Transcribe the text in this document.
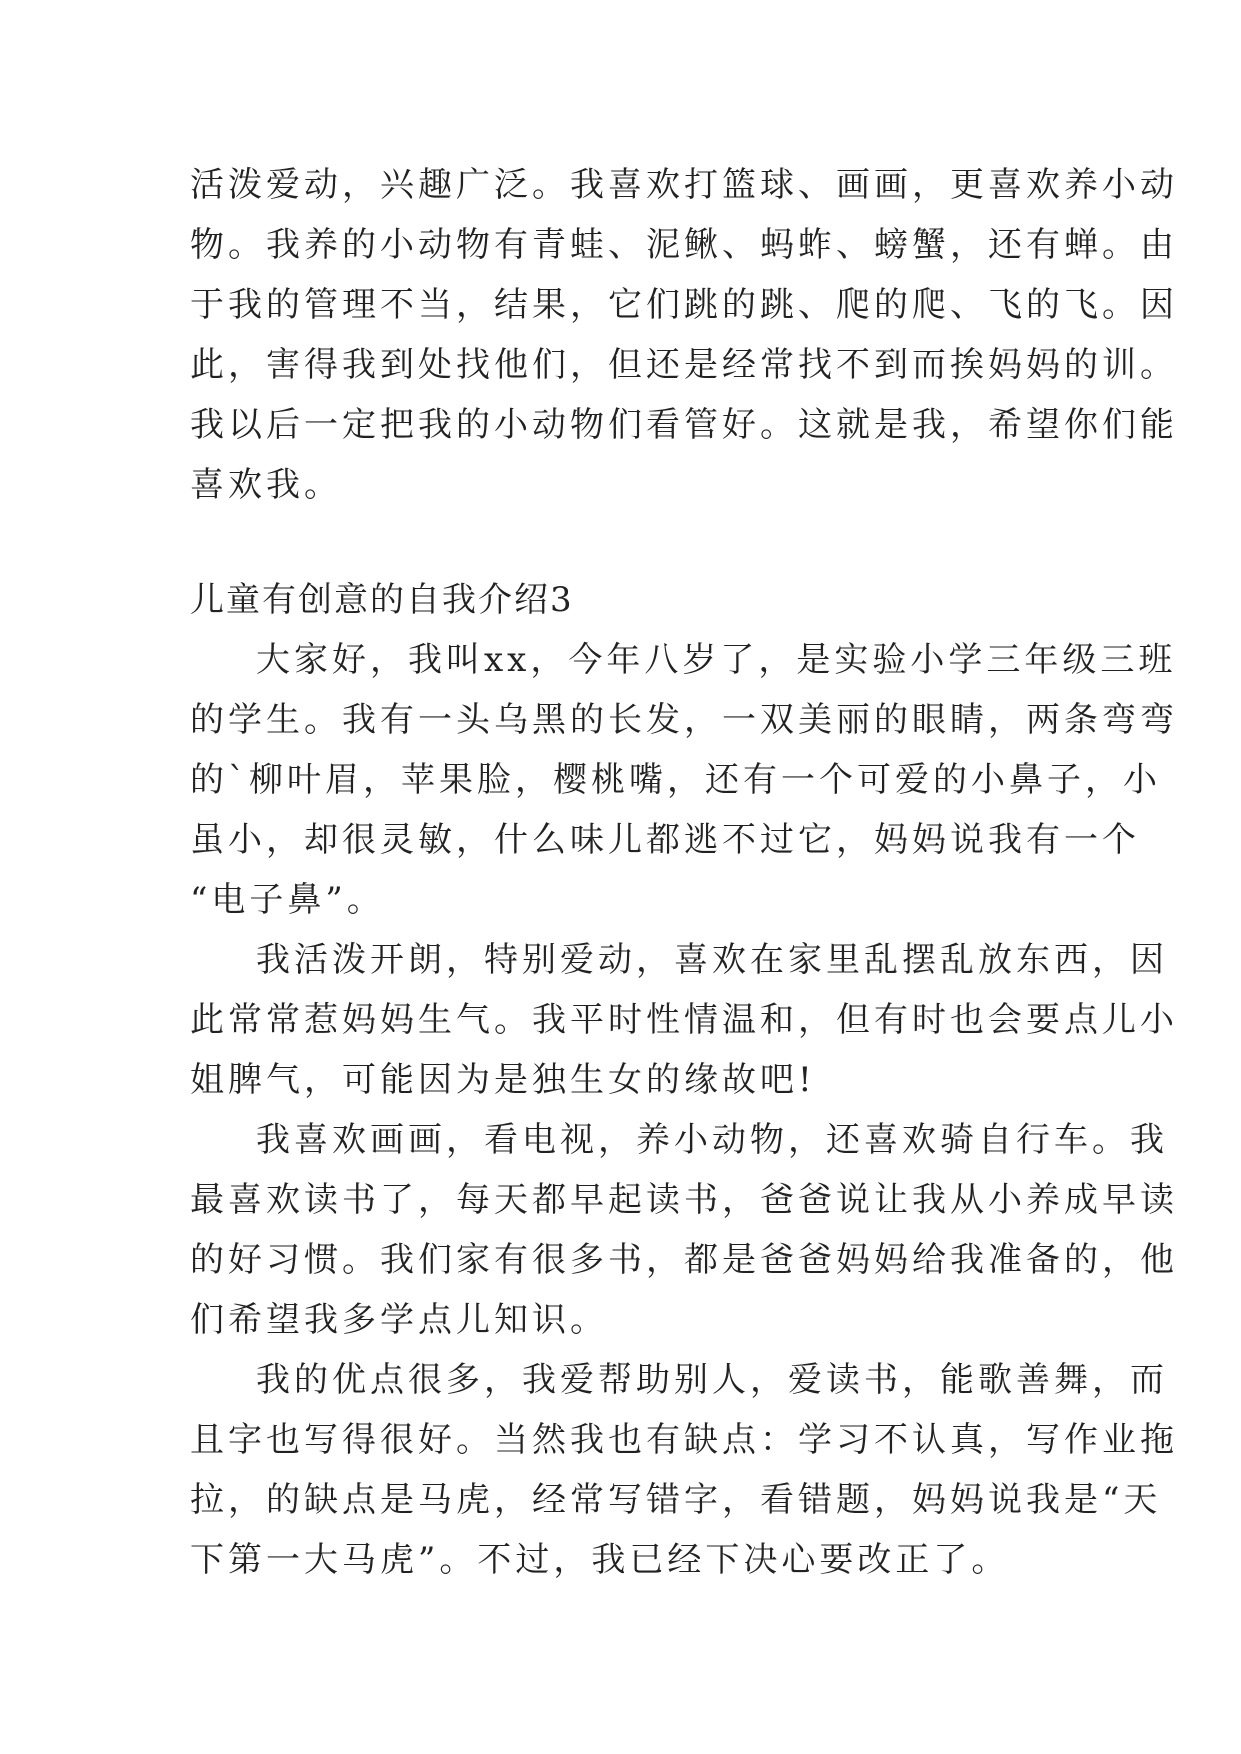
活泼爱动，兴趣广泛。我喜欢打篮球、画画，更喜欢养小动
物。我养的小动物有青蛙、泥鳅、蚂蚱、螃蟹，还有蝉。由
于我的管理不当，结果，它们跳的跳、爬的爬、飞的飞。因
此，害得我到处找他们，但还是经常找不到而挨妈妈的训。
我以后一定把我的小动物们看管好。这就是我，希望你们能
喜欢我。
儿童有创意的自我介绍3
大家好，我叫xx，今年八岁了，是实验小学三年级三班
的学生。我有一头乌黑的长发，一双美丽的眼睛，两条弯弯
的`柳叶眉，苹果脸，樱桃嘴，还有一个可爱的小鼻子，小
虽小，却很灵敏，什么味儿都逃不过它，妈妈说我有一个
“电子鼻”。
我活泼开朗，特别爱动，喜欢在家里乱摆乱放东西，因
此常常惹妈妈生气。我平时性情温和，但有时也会要点儿小
姐脾气，可能因为是独生女的缘故吧!
我喜欢画画，看电视，养小动物，还喜欢骑自行车。我
最喜欢读书了，每天都早起读书，爸爸说让我从小养成早读
的好习惯。我们家有很多书，都是爸爸妈妈给我准备的，他
们希望我多学点儿知识。
我的优点很多，我爱帮助别人，爱读书，能歌善舞，而
且字也写得很好。当然我也有缺点：学习不认真，写作业拖
拉，的缺点是马虎，经常写错字，看错题，妈妈说我是“天
下第一大马虎”。不过，我已经下决心要改正了。
